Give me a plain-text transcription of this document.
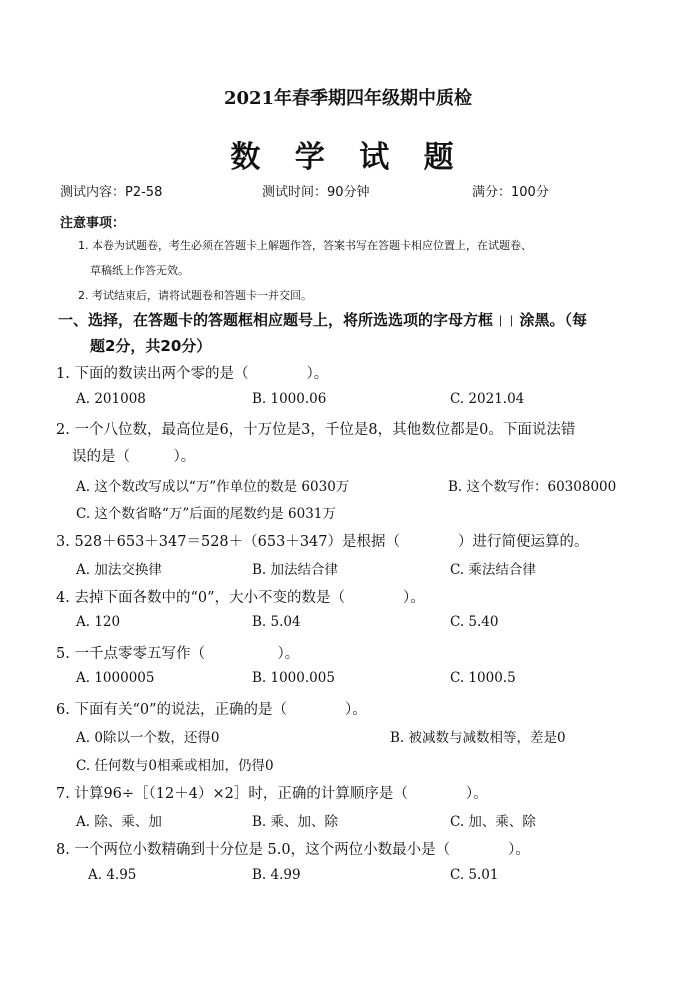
2021年春季期四年级期中质检
数 学 试 题
测试内容：P2-58	测试时间：90分钟	满分：100分
注意事项：
1. 本卷为试题卷，考生必须在答题卡上解题作答，答案书写在答题卡相应位置上，在试题卷、
草稿纸上作答无效。
2. 考试结束后，请将试题卷和答题卡一并交回。
一、选择，在答题卡的答题框相应题号上，将所选选项的字母方框 涂黑。（每
题2分，共20分）
1. 下面的数读出两个零的是（　　　　）。
A. 201008	B. 1000.06	C. 2021.04
2. 一个八位数，最高位是6，十万位是3，千位是8，其他数位都是0。下面说法错
误的是（　　　）。
A. 这个数改写成以“万”作单位的数是 6030万	B. 这个数写作：60308000
C. 这个数省略“万”后面的尾数约是 6031万
3. 528＋653＋347＝528＋（653＋347）是根据（　　　　）进行简便运算的。
A. 加法交换律	B. 加法结合律	C. 乘法结合律
4. 去掉下面各数中的“0”，大小不变的数是（　　　　）。
A. 120	B. 5.04	C. 5.40
5. 一千点零零五写作（　　　　　）。
A. 1000005	B. 1000.005	C. 1000.5
6. 下面有关“0”的说法，正确的是（　　　　）。
A. 0除以一个数，还得0	B. 被减数与减数相等，差是0
C. 任何数与0相乘或相加，仍得0
7. 计算96÷［（12＋4）×2］时，正确的计算顺序是（　　　　）。
A. 除、乘、加	B. 乘、加、除	C. 加、乘、除
8. 一个两位小数精确到十分位是 5.0，这个两位小数最小是（　　　　）。
A. 4.95	B. 4.99	C. 5.01
